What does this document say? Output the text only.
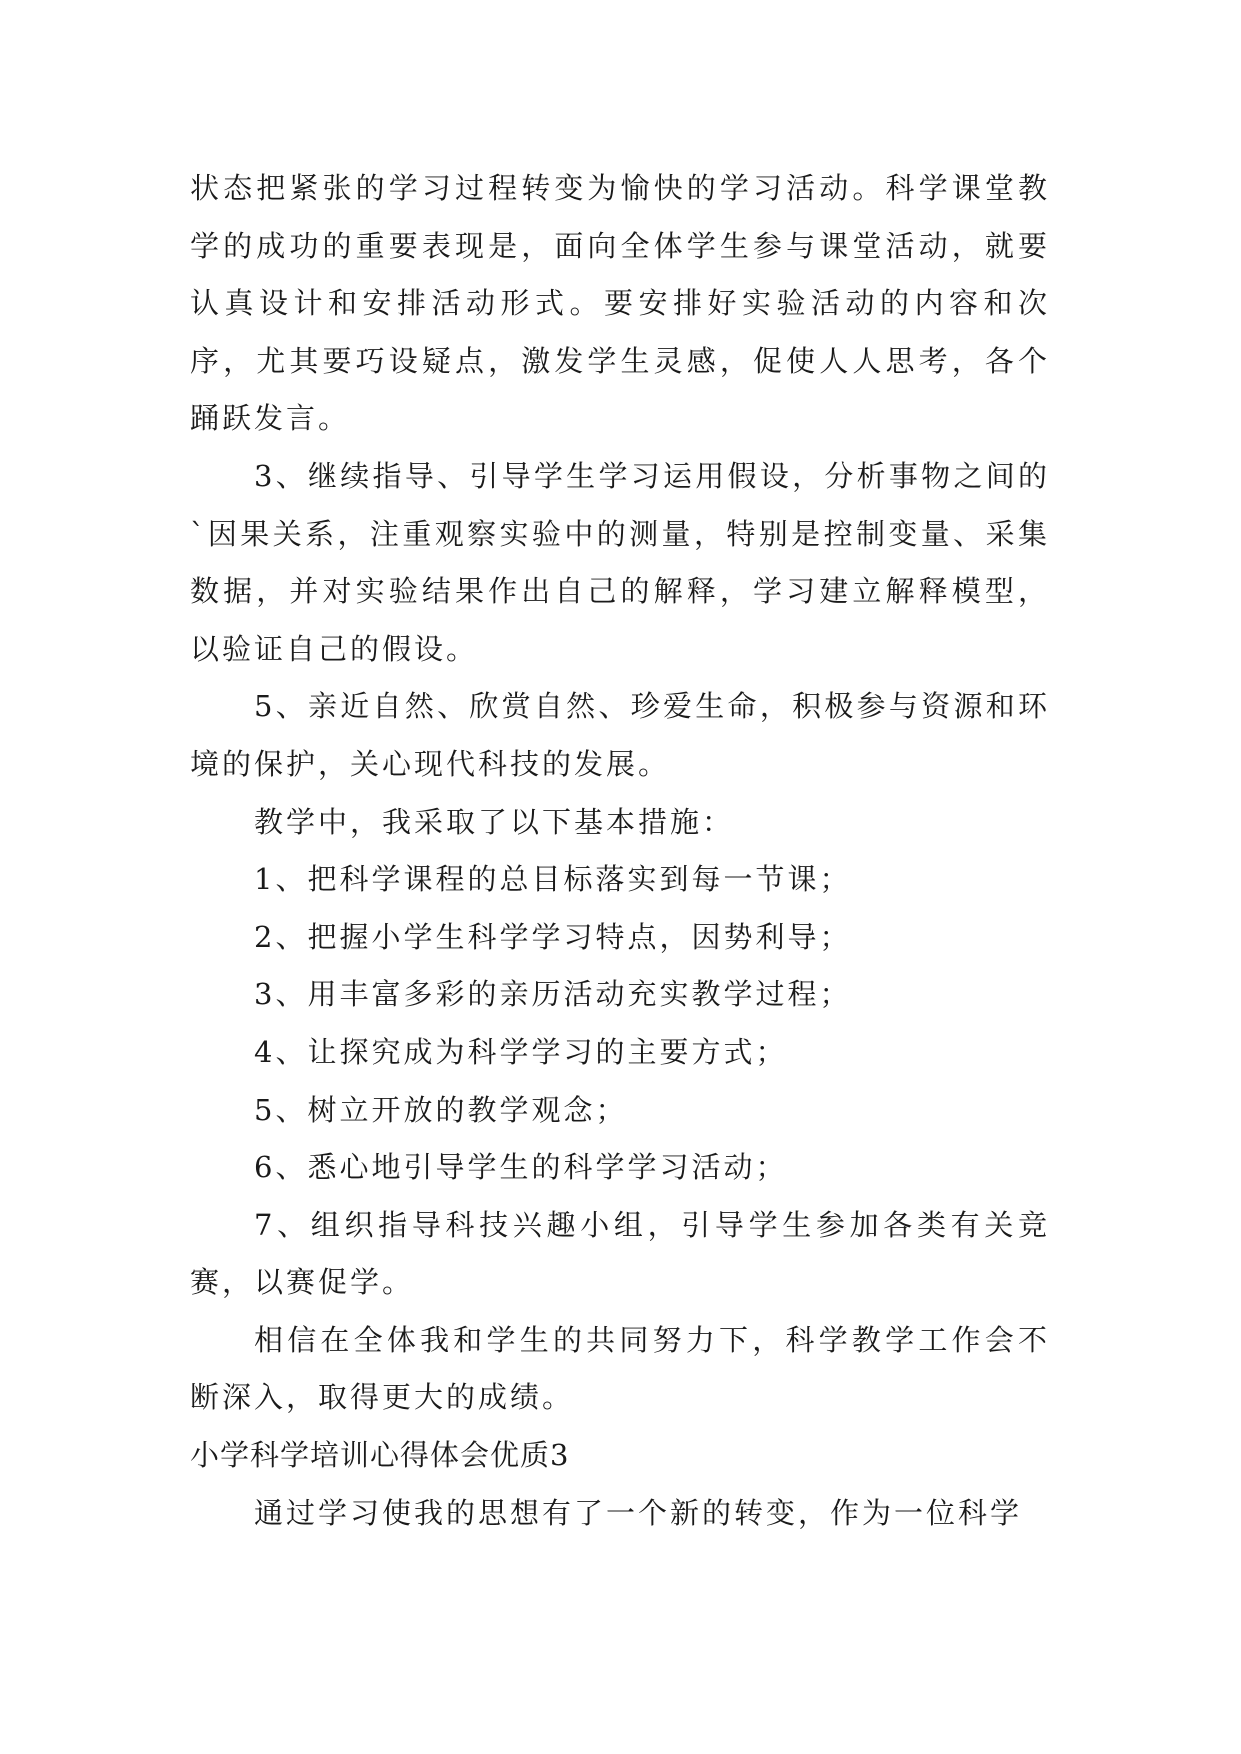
状态把紧张的学习过程转变为愉快的学习活动。科学课堂教学的成功的重要表现是，面向全体学生参与课堂活动，就要认真设计和安排活动形式。要安排好实验活动的内容和次序，尤其要巧设疑点，激发学生灵感，促使人人思考，各个踊跃发言。

3、继续指导、引导学生学习运用假设，分析事物之间的`因果关系，注重观察实验中的测量，特别是控制变量、采集数据，并对实验结果作出自己的解释，学习建立解释模型，以验证自己的假设。

5、亲近自然、欣赏自然、珍爱生命，积极参与资源和环境的保护，关心现代科技的发展。

教学中，我采取了以下基本措施：

1、把科学课程的总目标落实到每一节课；

2、把握小学生科学学习特点，因势利导；

3、用丰富多彩的亲历活动充实教学过程；

4、让探究成为科学学习的主要方式；

5、树立开放的教学观念；

6、悉心地引导学生的科学学习活动；

7、组织指导科技兴趣小组，引导学生参加各类有关竞赛，以赛促学。

相信在全体我和学生的共同努力下，科学教学工作会不断深入，取得更大的成绩。

小学科学培训心得体会优质3

通过学习使我的思想有了一个新的转变，作为一位科学
